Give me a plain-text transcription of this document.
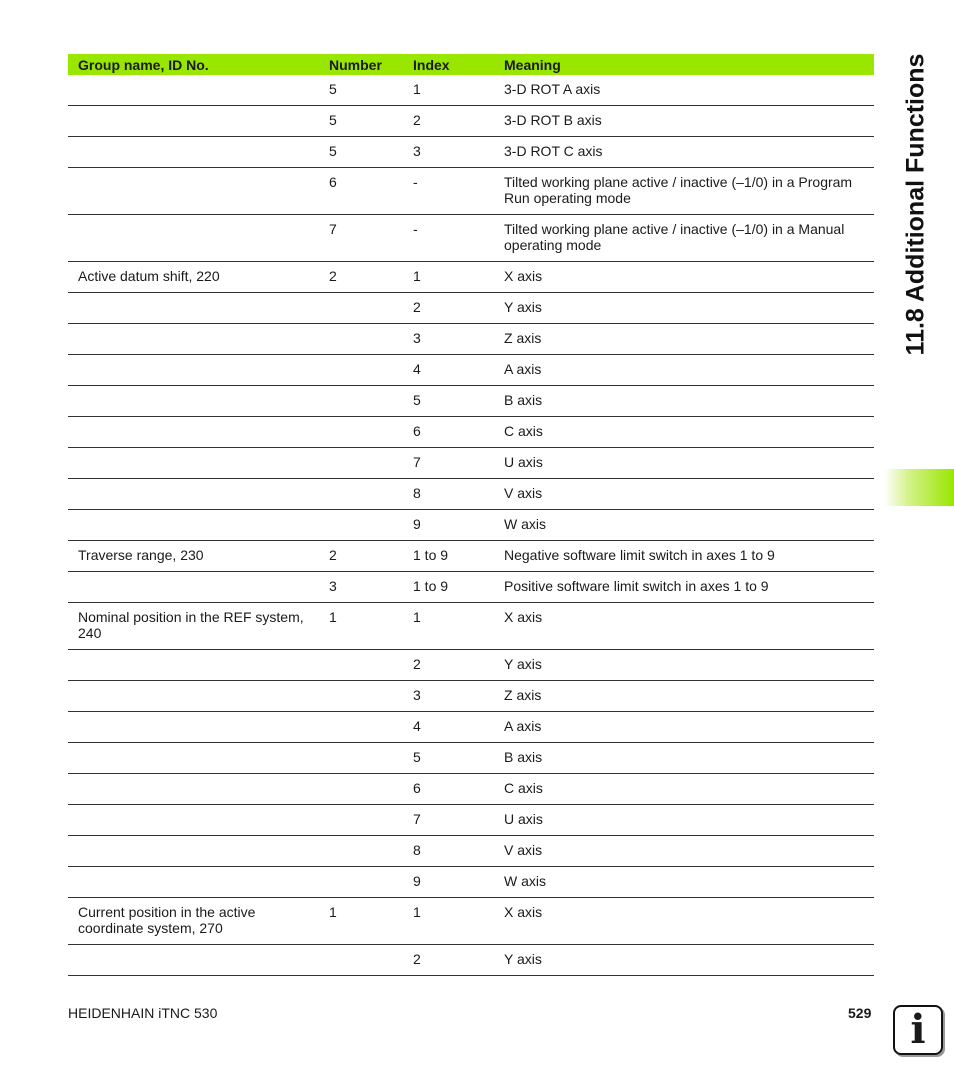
Group name, ID No.	Number	Index	Meaning
	5	1	3-D ROT A axis
	5	2	3-D ROT B axis
	5	3	3-D ROT C axis
	6	-	Tilted working plane active / inactive (–1/0) in a Program Run operating mode
	7	-	Tilted working plane active / inactive (–1/0) in a Manual operating mode
Active datum shift, 220	2	1	X axis
		2	Y axis
		3	Z axis
		4	A axis
		5	B axis
		6	C axis
		7	U axis
		8	V axis
		9	W axis
Traverse range, 230	2	1 to 9	Negative software limit switch in axes 1 to 9
	3	1 to 9	Positive software limit switch in axes 1 to 9
Nominal position in the REF system, 240	1	1	X axis
		2	Y axis
		3	Z axis
		4	A axis
		5	B axis
		6	C axis
		7	U axis
		8	V axis
		9	W axis
Current position in the active coordinate system, 270	1	1	X axis
		2	Y axis
11.8 Additional Functions
HEIDENHAIN iTNC 530	529 i
